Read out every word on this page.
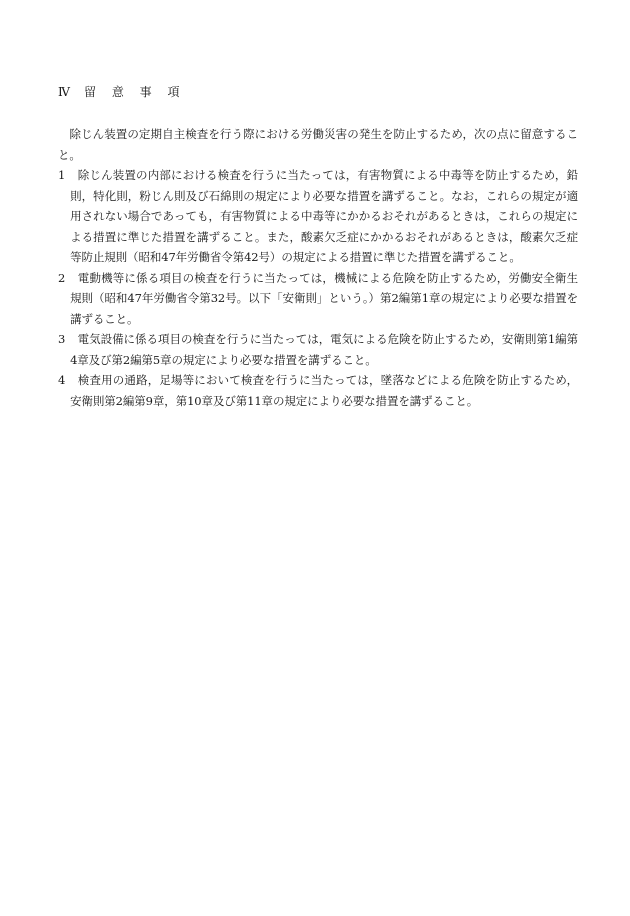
Ⅳ 留 意 事 項

除じん装置の定期自主検査を行う際における労働災害の発生を防止するため，次の点に留意すること。

1 除じん装置の内部における検査を行うに当たっては，有害物質による中毒等を防止するため，鉛則，特化則，粉じん則及び石綿則の規定により必要な措置を講ずること。なお，これらの規定が適用されない場合であっても，有害物質による中毒等にかかるおそれがあるときは，これらの規定による措置に準じた措置を講ずること。また，酸素欠乏症にかかるおそれがあるときは，酸素欠乏症等防止規則（昭和47年労働省令第42号）の規定による措置に準じた措置を講ずること。

2 電動機等に係る項目の検査を行うに当たっては，機械による危険を防止するため，労働安全衛生規則（昭和47年労働省令第32号。以下「安衛則」という。）第2編第1章の規定により必要な措置を講ずること。

3 電気設備に係る項目の検査を行うに当たっては，電気による危険を防止するため，安衛則第1編第4章及び第2編第5章の規定により必要な措置を講ずること。

4 検査用の通路，足場等において検査を行うに当たっては，墜落などによる危険を防止するため，安衛則第2編第9章，第10章及び第11章の規定により必要な措置を講ずること。
